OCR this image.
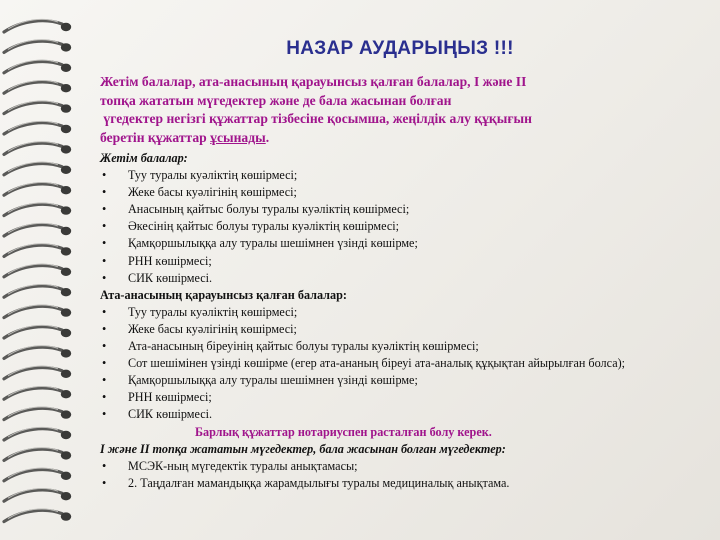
НАЗАР АУДАРЫҢЫЗ !!!
Жетім балалар, ата-анасының қарауынсыз қалған балалар, І және ІІ
топқа жататын мүгедектер және де бала жасынан болған
үгедектер негізгі құжаттар тізбесіне қосымша, жеңілдік алу құқығын
беретін құжаттар ұсынады.
Жетім балалар:
•	Туу туралы куәліктің көшірмесі;
•	Жеке басы куәлігінің көшірмесі;
•	Анасының қайтыс болуы туралы куәліктің көшірмесі;
•	Әкесінің қайтыс болуы туралы куәліктің көшірмесі;
•	Қамқоршылыққа алу туралы шешімнен үзінді көшірме;
•	РНН көшірмесі;
•	СИК көшірмесі.
Ата-анасының қарауынсыз қалған балалар:
•	Туу туралы куәліктің көшірмесі;
•	Жеке басы куәлігінің көшірмесі;
•	Ата-анасының біреуінің қайтыс болуы туралы куәліктің көшірмесі;
•	Сот шешімінен үзінді көшірме (егер ата-ананың біреуі ата-аналық құқықтан айырылған болса);
•	Қамқоршылыққа алу туралы шешімнен үзінді көшірме;
•	РНН көшірмесі;
•	СИК көшірмесі.
Барлық құжаттар нотариуспен расталған болу керек.
І және ІІ топқа жататын мүгедектер, бала жасынан болған мүгедектер:
•	МСЭК-ның мүгедектік туралы анықтамасы;
•	2. Таңдалған мамандыққа жарамдылығы туралы медициналық анықтама.
